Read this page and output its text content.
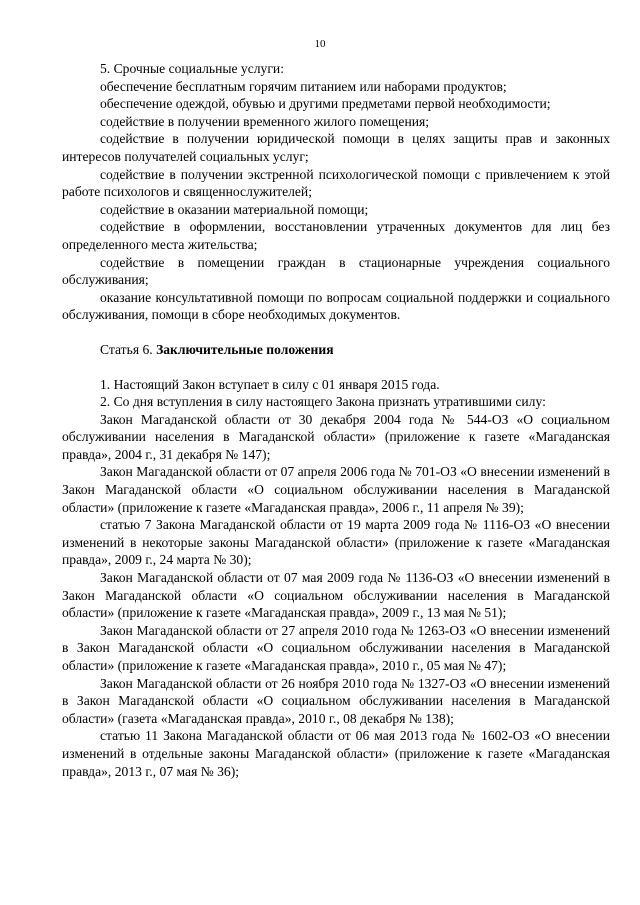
10

5. Срочные социальные услуги:

обеспечение бесплатным горячим питанием или наборами продуктов;

обеспечение одеждой, обувью и другими предметами первой необходимости;

содействие в получении временного жилого помещения;

содействие в получении юридической помощи в целях защиты прав и законных интересов получателей социальных услуг;

содействие в получении экстренной психологической помощи с привлечением к этой работе психологов и священнослужителей;

содействие в оказании материальной помощи;

содействие в оформлении, восстановлении утраченных документов для лиц без определенного места жительства;

содействие в помещении граждан в стационарные учреждения социального обслуживания;

оказание консультативной помощи по вопросам социальной поддержки и социального обслуживания, помощи в сборе необходимых документов.

Статья 6. Заключительные положения

1. Настоящий Закон вступает в силу с 01 января 2015 года.

2. Со дня вступления в силу настоящего Закона признать утратившими силу:

Закон Магаданской области от 30 декабря 2004 года № 544-ОЗ «О социальном обслуживании населения в Магаданской области» (приложение к газете «Магаданская правда», 2004 г., 31 декабря № 147);

Закон Магаданской области от 07 апреля 2006 года № 701-ОЗ «О внесении изменений в Закон Магаданской области «О социальном обслуживании населения в Магаданской области» (приложение к газете «Магаданская правда», 2006 г., 11 апреля № 39);

статью 7 Закона Магаданской области от 19 марта 2009 года № 1116-ОЗ «О внесении изменений в некоторые законы Магаданской области» (приложение к газете «Магаданская правда», 2009 г., 24 марта № 30);

Закон Магаданской области от 07 мая 2009 года № 1136-ОЗ «О внесении изменений в Закон Магаданской области «О социальном обслуживании населения в Магаданской области» (приложение к газете «Магаданская правда», 2009 г., 13 мая № 51);

Закон Магаданской области от 27 апреля 2010 года № 1263-ОЗ «О внесении изменений в Закон Магаданской области «О социальном обслуживании населения в Магаданской области» (приложение к газете «Магаданская правда», 2010 г., 05 мая № 47);

Закон Магаданской области от 26 ноября 2010 года № 1327-ОЗ «О внесении изменений в Закон Магаданской области «О социальном обслуживании населения в Магаданской области» (газета «Магаданская правда», 2010 г., 08 декабря № 138);

статью 11 Закона Магаданской области от 06 мая 2013 года № 1602-ОЗ «О внесении изменений в отдельные законы Магаданской области» (приложение к газете «Магаданская правда», 2013 г., 07 мая № 36);
